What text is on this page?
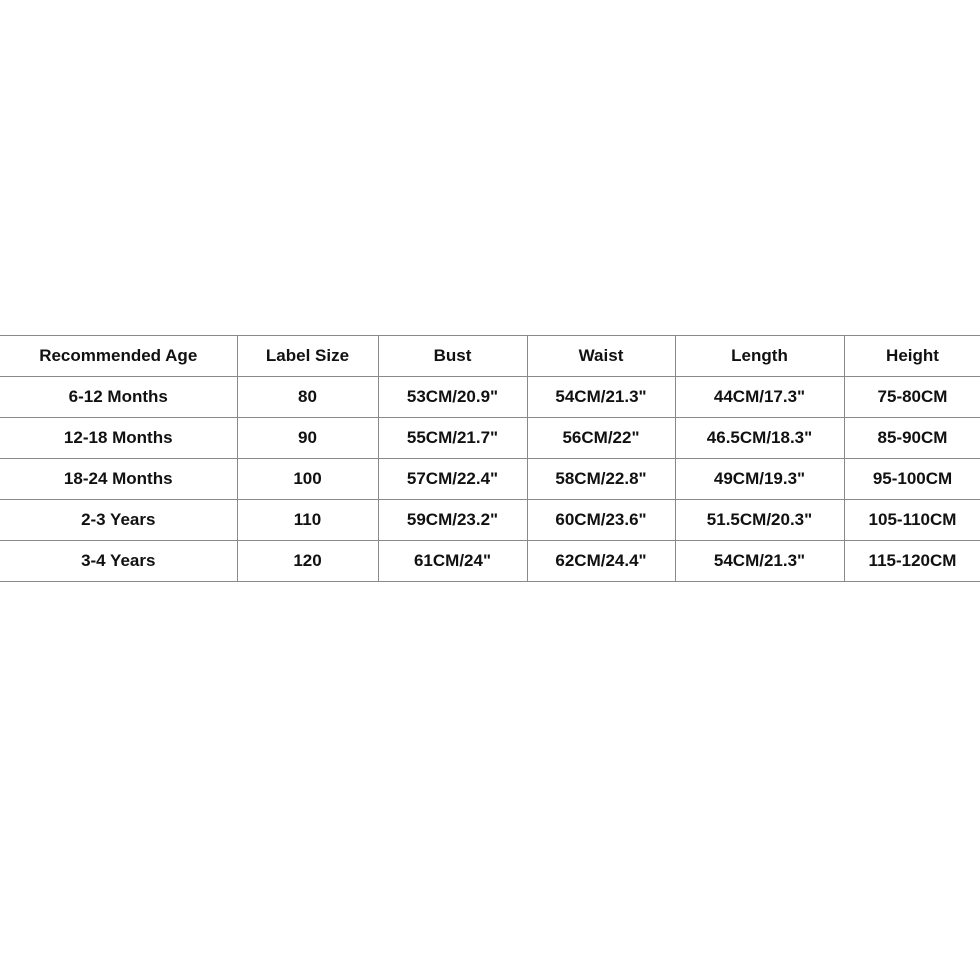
Recommended Age	Label Size	Bust	Waist	Length	Height
6-12 Months	80	53CM/20.9"	54CM/21.3"	44CM/17.3"	75-80CM
12-18 Months	90	55CM/21.7"	56CM/22"	46.5CM/18.3"	85-90CM
18-24 Months	100	57CM/22.4"	58CM/22.8"	49CM/19.3"	95-100CM
2-3 Years	110	59CM/23.2"	60CM/23.6"	51.5CM/20.3"	105-110CM
3-4 Years	120	61CM/24"	62CM/24.4"	54CM/21.3"	115-120CM
